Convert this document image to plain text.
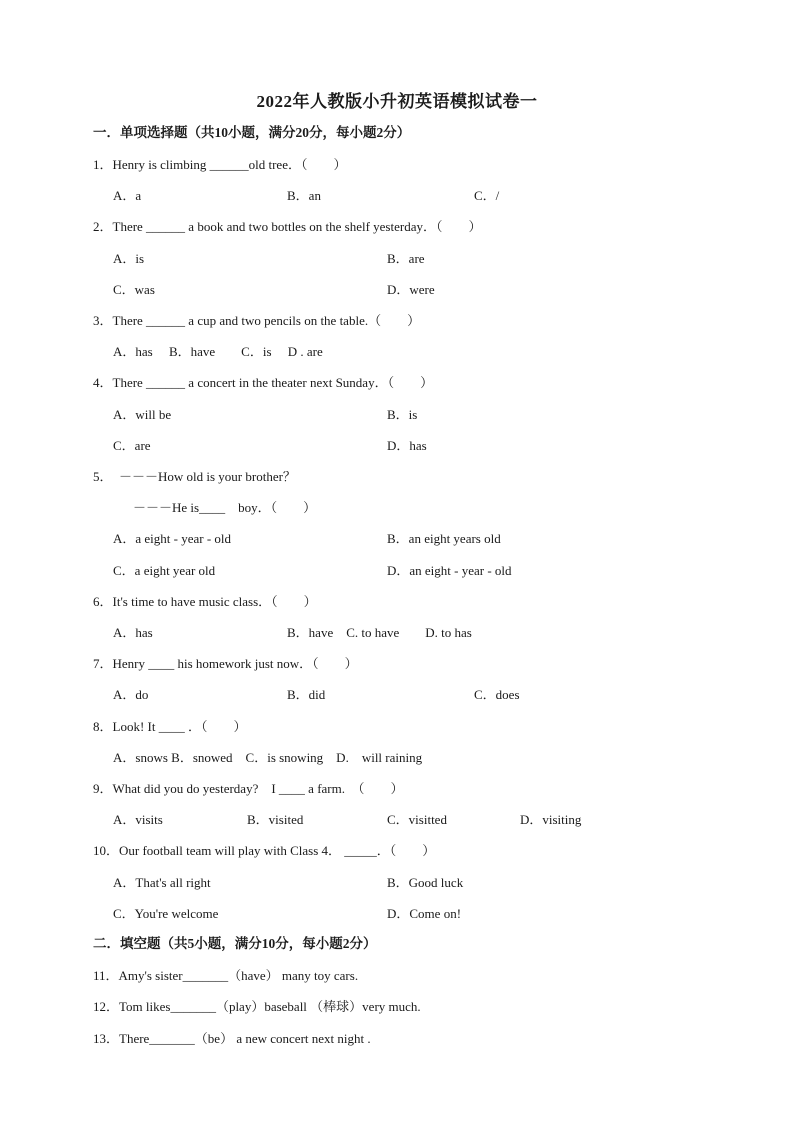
2022年人教版小升初英语模拟试卷一
一．单项选择题（共10小题，满分20分，每小题2分）
1．Henry is climbing ______old tree．（　　）
A．a	B．an	C．/
2．There ______ a book and two bottles on the shelf yesterday．（　　）
A．is	B．are
C．was	D．were
3．There ______ a cup and two pencils on the table.（　　）
A．has　 B．have　　C．is　 D . are
4．There ______ a concert in the theater next Sunday．（　　）
A．will be	B．is
C．are	D．has
5．　－－－How old is your brother？
－－－He is____　boy．（　　）
A．a eight - year - old	B．an eight years old
C．a eight year old	D．an eight - year - old
6．It's time to have music class．（　　）
A．has	B．have　C. to have　　D. to has
7．Henry ____ his homework just now．（　　）
A．do	B．did	C．does
8．Look! It ____ ．（　　）
A．snows B．snowed　C．is snowing　D.　will raining
9．What did you do yesterday?　I ____ a farm.　（　　）
A．visits	B．visited	C．visitted	D．visiting
10．Our football team will play with Class 4． _____．（　　）
A．That's all right	B．Good luck
C．You're welcome	D．Come on!
二．填空题（共5小题，满分10分，每小题2分）
11．Amy's sister_______（have） many toy cars.
12．Tom likes_______（play）baseball （棒球）very much.
13．There_______（be） a new concert next night .
